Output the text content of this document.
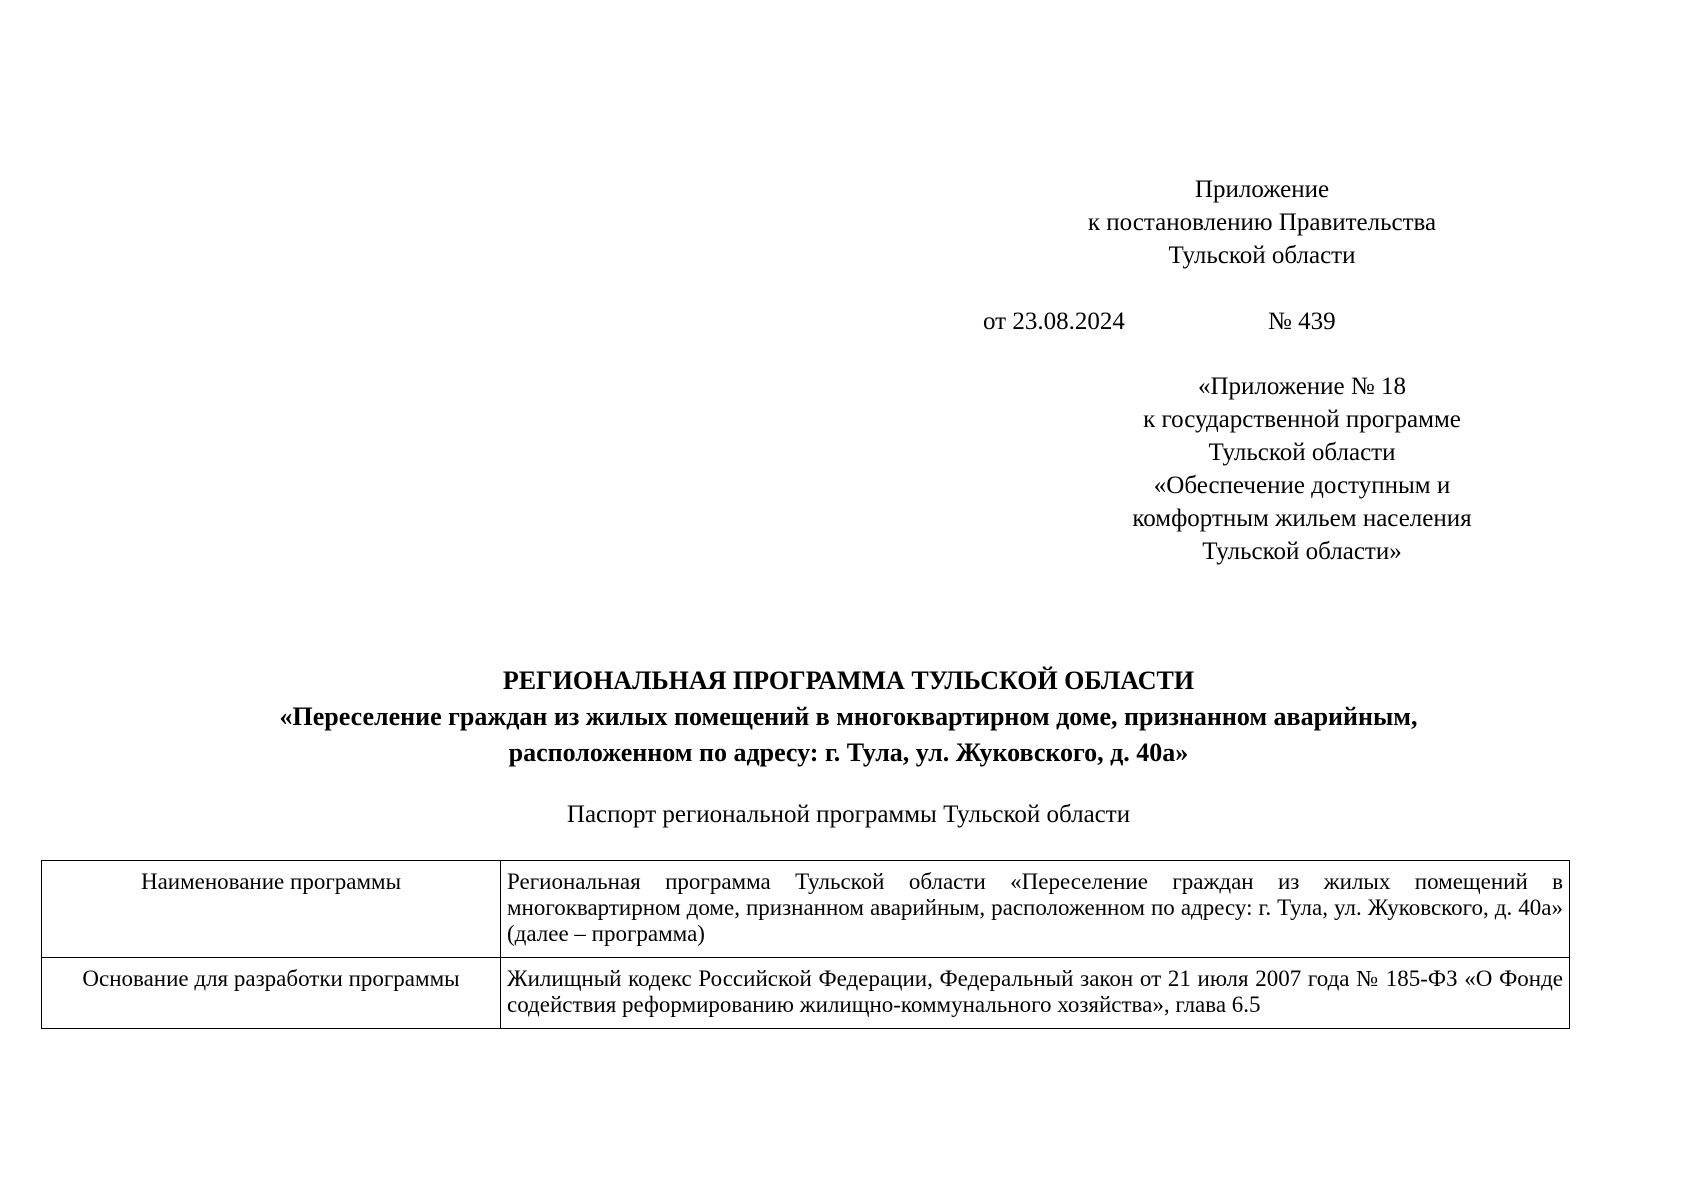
Приложение
к постановлению Правительства
Тульской области
от 23.08.2024	№ 439
«Приложение № 18
к государственной программе
Тульской области
«Обеспечение доступным и
комфортным жильем населения
Тульской области»
РЕГИОНАЛЬНАЯ ПРОГРАММА ТУЛЬСКОЙ ОБЛАСТИ
«Переселение граждан из жилых помещений в многоквартирном доме, признанном аварийным,
расположенном по адресу: г. Тула, ул. Жуковского, д. 40а»
Паспорт региональной программы Тульской области
Наименование программы	Региональная программа Тульской области «Переселение граждан из жилых помещений в многоквартирном доме, признанном аварийным, расположенном по адресу: г. Тула, ул. Жуковского, д. 40а» (далее – программа)
Основание для разработки программы	Жилищный кодекс Российской Федерации, Федеральный закон от 21 июля 2007 года № 185-ФЗ «О Фонде содействия реформированию жилищно-коммунального хозяйства», глава 6.5
